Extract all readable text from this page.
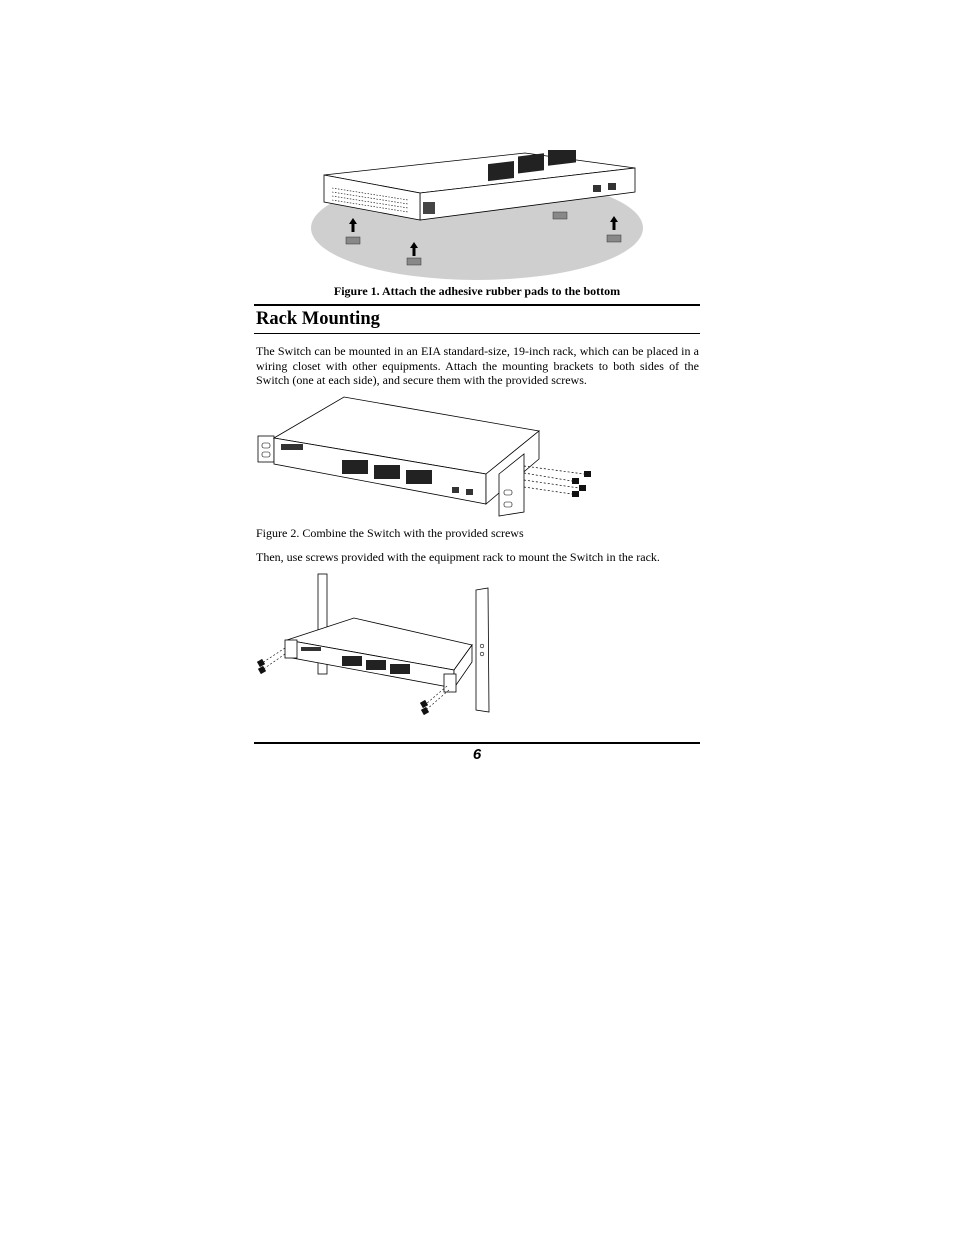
Figure 1. Attach the adhesive rubber pads to the bottom
Rack Mounting
The Switch can be mounted in an EIA standard-size, 19-inch rack, which can be placed in a wiring closet with other equipments. Attach the mounting brackets to both sides of the Switch (one at each side), and secure them with the provided screws.
Figure 2. Combine the Switch with the provided screws
Then, use screws provided with the equipment rack to mount the Switch in the rack.
6
